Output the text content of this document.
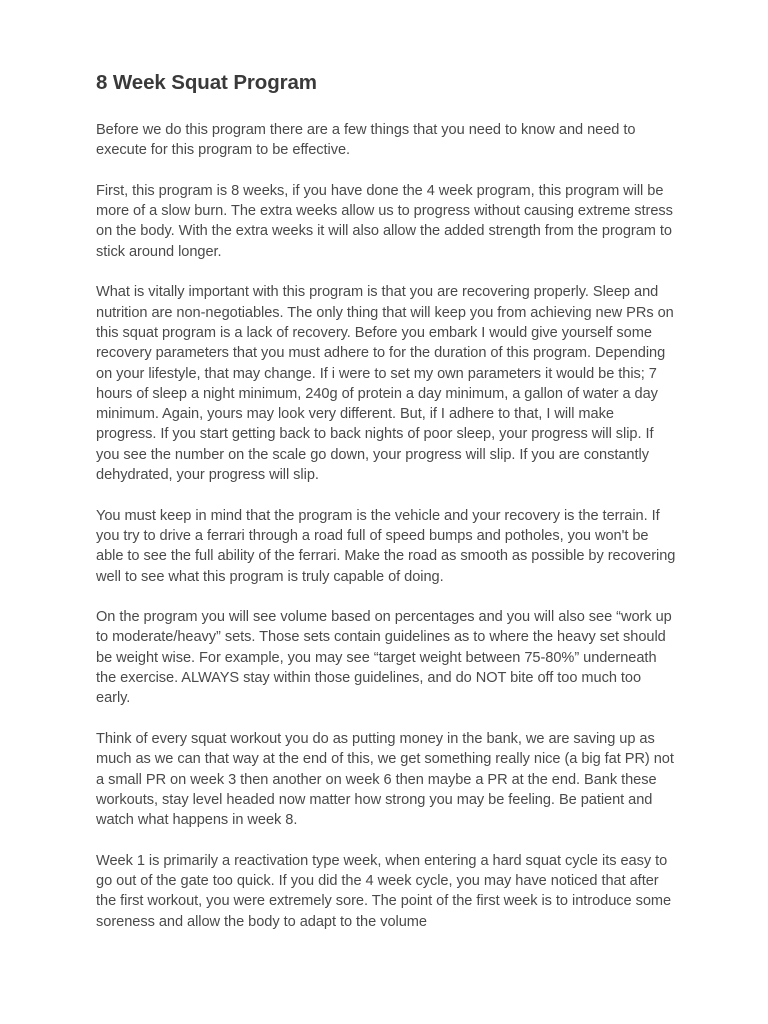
8 Week Squat Program

Before we do this program there are a few things that you need to know and need to execute for this program to be effective.

First, this program is 8 weeks, if you have done the 4 week program, this program will be more of a slow burn. The extra weeks allow us to progress without causing extreme stress on the body. With the extra weeks it will also allow the added strength from the program to stick around longer.

What is vitally important with this program is that you are recovering properly. Sleep and nutrition are non-negotiables. The only thing that will keep you from achieving new PRs on this squat program is a lack of recovery. Before you embark I would give yourself some recovery parameters that you must adhere to for the duration of this program. Depending on your lifestyle, that may change. If i were to set my own parameters it would be this; 7 hours of sleep a night minimum, 240g of protein a day minimum, a gallon of water a day minimum. Again, yours may look very different. But, if I adhere to that, I will make progress. If you start getting back to back nights of poor sleep, your progress will slip. If you see the number on the scale go down, your progress will slip. If you are constantly dehydrated, your progress will slip.

You must keep in mind that the program is the vehicle and your recovery is the terrain. If you try to drive a ferrari through a road full of speed bumps and potholes, you won't be able to see the full ability of the ferrari. Make the road as smooth as possible by recovering well to see what this program is truly capable of doing.

On the program you will see volume based on percentages and you will also see “work up to moderate/heavy” sets. Those sets contain guidelines as to where the heavy set should be weight wise. For example, you may see “target weight between 75-80%” underneath the exercise. ALWAYS stay within those guidelines, and do NOT bite off too much too early.

Think of every squat workout you do as putting money in the bank, we are saving up as much as we can that way at the end of this, we get something really nice (a big fat PR) not a small PR on week 3 then another on week 6 then maybe a PR at the end. Bank these workouts, stay level headed now matter how strong you may be feeling. Be patient and watch what happens in week 8.

Week 1 is primarily a reactivation type week, when entering a hard squat cycle its easy to go out of the gate too quick. If you did the 4 week cycle, you may have noticed that after the first workout, you were extremely sore. The point of the first week is to introduce some soreness and allow the body to adapt to the volume
